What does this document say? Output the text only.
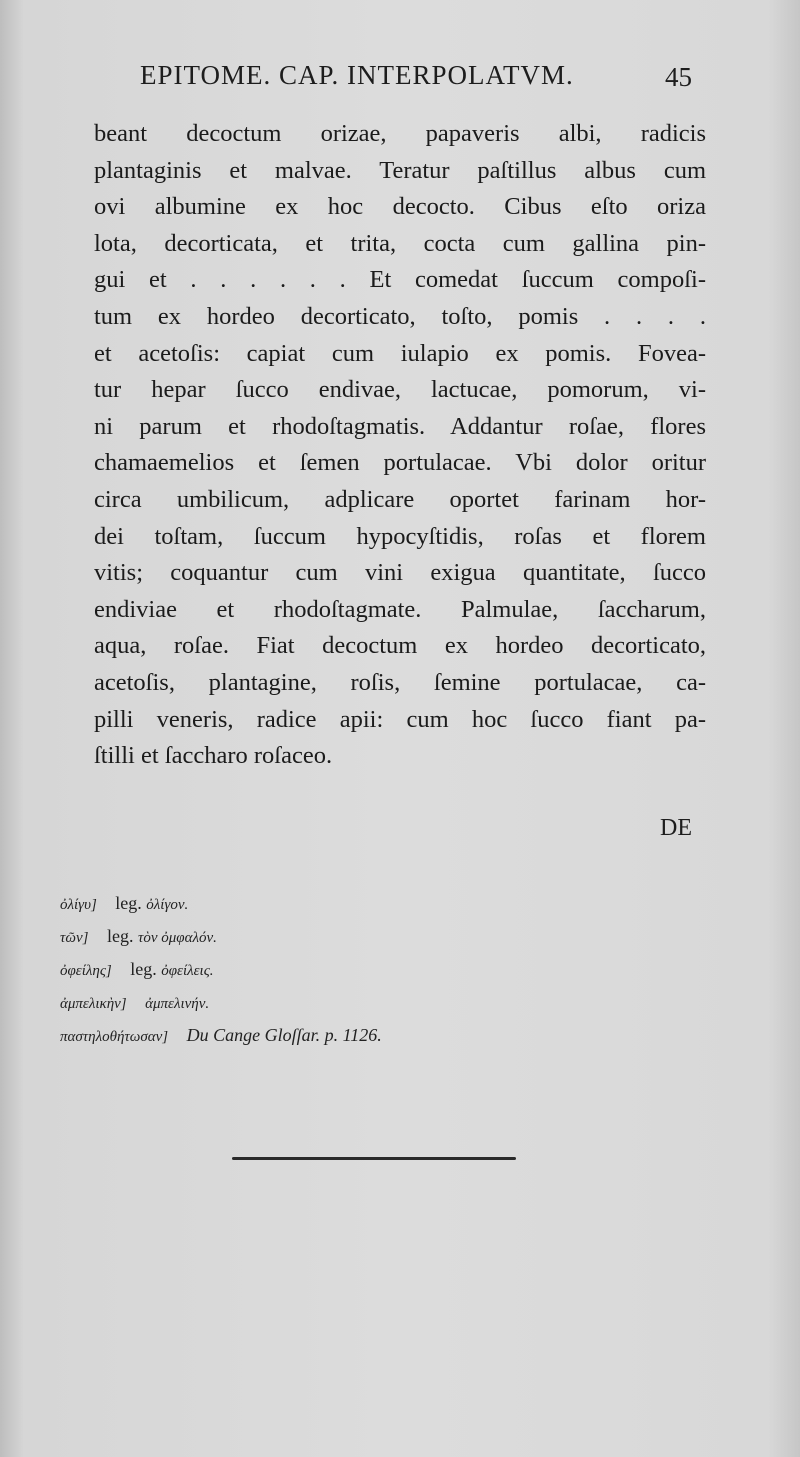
EPITOME. CAP. INTERPOLATVM.	45
beant decoctum orizae, papaveris albi, radicis
plantaginis et malvae. Teratur paſtillus albus cum
ovi albumine ex hoc decocto. Cibus eſto oriza
lota, decorticata, et trita, cocta cum gallina pin-
gui et . . . . . . Et comedat ſuccum compoſi-
tum ex hordeo decorticato, toſto, pomis . . . .
et acetoſis: capiat cum iulapio ex pomis. Fovea-
tur hepar ſucco endivae, lactucae, pomorum, vi-
ni parum et rhodoſtagmatis. Addantur roſae, flores
chamaemelios et ſemen portulacae. Vbi dolor oritur
circa umbilicum, adplicare oportet farinam hor-
dei toſtam, ſuccum hypocyſtidis, roſas et florem
vitis; coquantur cum vini exigua quantitate, ſucco
endiviae et rhodoſtagmate. Palmulae, ſaccharum,
aqua, roſae. Fiat decoctum ex hordeo decorticato,
acetoſis, plantagine, roſis, ſemine portulacae, ca-
pilli veneris, radice apii: cum hoc ſucco fiant pa-
ſtilli et ſaccharo roſaceo.
DE
ὀλίγυ] leg. ὀλίγον.
τῶν] leg. τὸν ὀμφαλόν.
ὀφείλης] leg. ὀφείλεις.
ἀμπελικὴν] ἀμπελινήν.
παστηλοθήτωσαν] Du Cange Gloſſar. p. 1126.
